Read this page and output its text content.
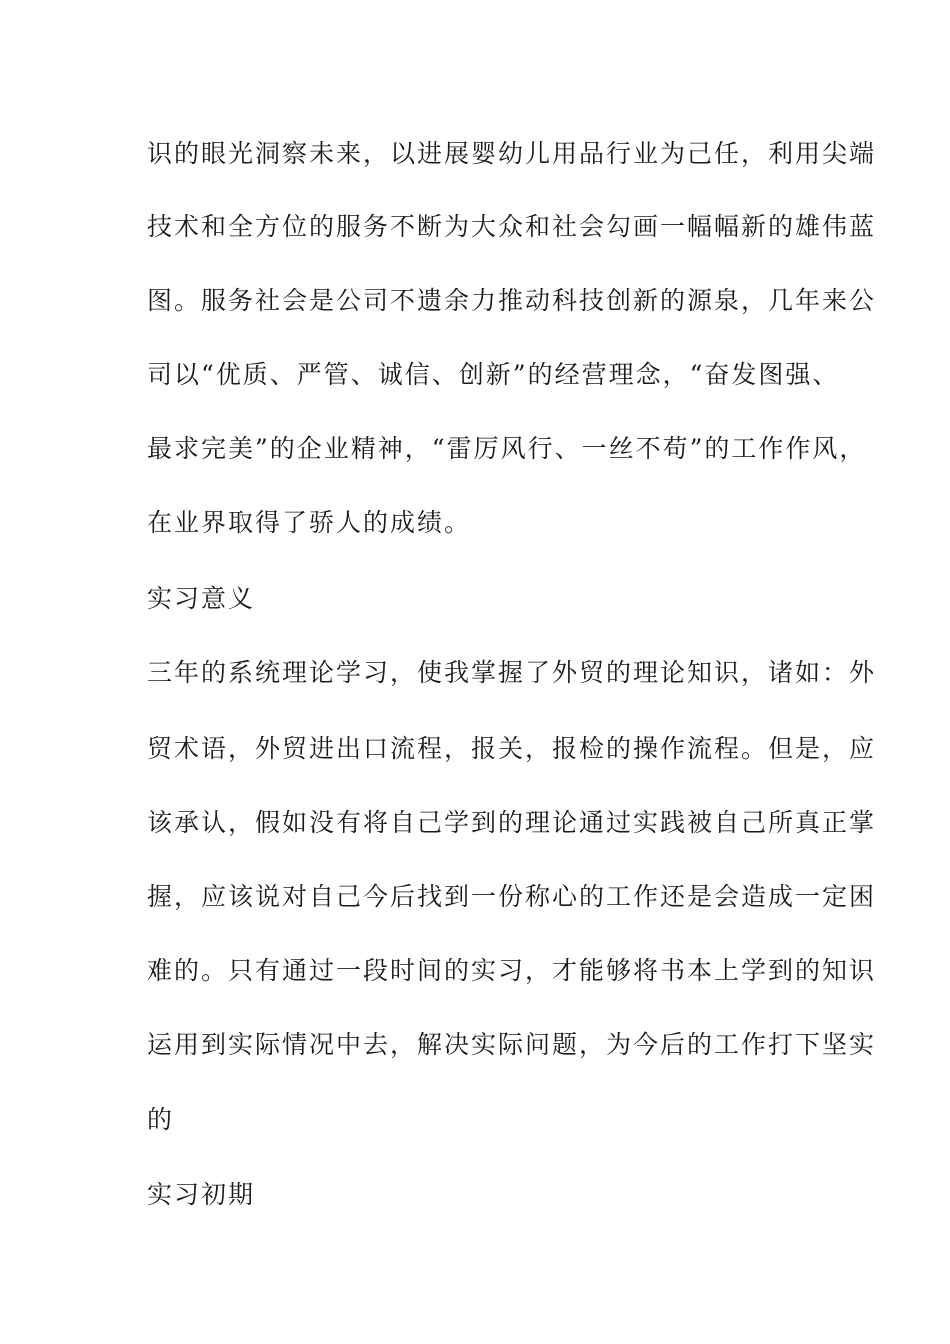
识的眼光洞察未来，以进展婴幼儿用品行业为己任，利用尖端
技术和全方位的服务不断为大众和社会勾画一幅幅新的雄伟蓝
图。服务社会是公司不遗余力推动科技创新的源泉，几年来公
司以“优质、严管、诚信、创新”的经营理念，“奋发图强、
最求完美”的企业精神，“雷厉风行、一丝不苟”的工作作风，
在业界取得了骄人的成绩。
实习意义
三年的系统理论学习，使我掌握了外贸的理论知识，诸如：外
贸术语，外贸进出口流程，报关，报检的操作流程。但是，应
该承认，假如没有将自己学到的理论通过实践被自己所真正掌
握，应该说对自己今后找到一份称心的工作还是会造成一定困
难的。只有通过一段时间的实习，才能够将书本上学到的知识
运用到实际情况中去，解决实际问题，为今后的工作打下坚实
的
实习初期
